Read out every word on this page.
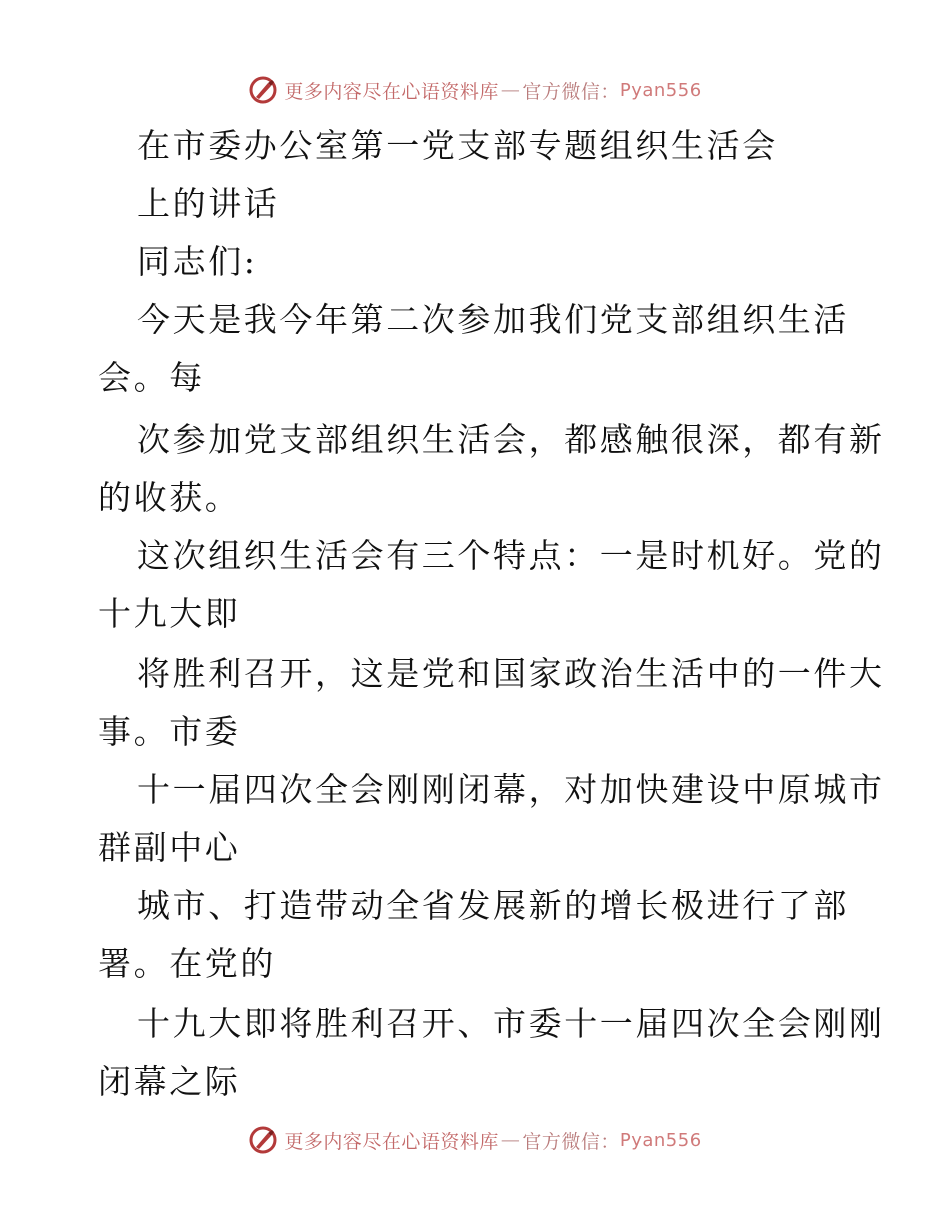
更多内容尽在心语资料库 — 官方微信： Pyan556
在市委办公室第一党支部专题组织生活会
上的讲话
同志们:
今天是我今年第二次参加我们党支部组织生活
会。每
次参加党支部组织生活会，都感触很深，都有新
的收获。
这次组织生活会有三个特点：一是时机好。党的
十九大即
将胜利召开，这是党和国家政治生活中的一件大
事。市委
十一届四次全会刚刚闭幕，对加快建设中原城市
群副中心
城市、打造带动全省发展新的增长极进行了部
署。在党的
十九大即将胜利召开、市委十一届四次全会刚刚
闭幕之际
更多内容尽在心语资料库 — 官方微信： Pyan556
